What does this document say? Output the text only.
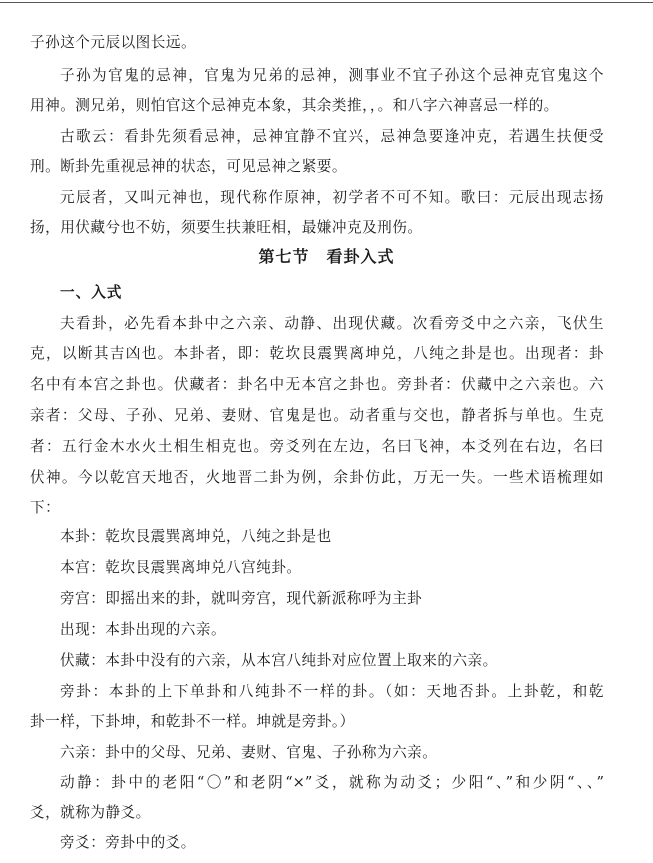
子孙这个元辰以图长远。

子孙为官鬼的忌神，官鬼为兄弟的忌神，测事业不宜子孙这个忌神克官鬼这个

用神。测兄弟，则怕官这个忌神克本象，其余类推，，。和八字六神喜忌一样的。

古歌云：看卦先须看忌神，忌神宜静不宜兴，忌神急要逢冲克，若遇生扶便受

刑。断卦先重视忌神的状态，可见忌神之紧要。

元辰者，又叫元神也，现代称作原神，初学者不可不知。歌曰：元辰出现志扬

扬，用伏藏兮也不妨，须要生扶兼旺相，最嫌冲克及刑伤。

第七节　看卦入式
一、入式

夫看卦，必先看本卦中之六亲、动静、出现伏藏。次看旁爻中之六亲，飞伏生

克，以断其吉凶也。本卦者，即：乾坎艮震巽离坤兑，八纯之卦是也。出现者：卦

名中有本宫之卦也。伏藏者：卦名中无本宫之卦也。旁卦者：伏藏中之六亲也。六

亲者：父母、子孙、兄弟、妻财、官鬼是也。动者重与交也，静者拆与单也。生克

者：五行金木水火土相生相克也。旁爻列在左边，名曰飞神，本爻列在右边，名曰

伏神。今以乾宫天地否，火地晋二卦为例，余卦仿此，万无一失。一些术语梳理如

下：

本卦：乾坎艮震巽离坤兑，八纯之卦是也

本宫：乾坎艮震巽离坤兑八宫纯卦。

旁宫：即摇出来的卦，就叫旁宫，现代新派称呼为主卦

出现：本卦出现的六亲。

伏藏：本卦中没有的六亲，从本宫八纯卦对应位置上取来的六亲。

旁卦：本卦的上下单卦和八纯卦不一样的卦。（如：天地否卦。上卦乾，和乾

卦一样，下卦坤，和乾卦不一样。坤就是旁卦。）

六亲：卦中的父母、兄弟、妻财、官鬼、子孙称为六亲。

动静：卦中的老阳“〇”和老阴“×”爻，就称为动爻；少阳“、”和少阴“、、”

爻，就称为静爻。

旁爻：旁卦中的爻。
